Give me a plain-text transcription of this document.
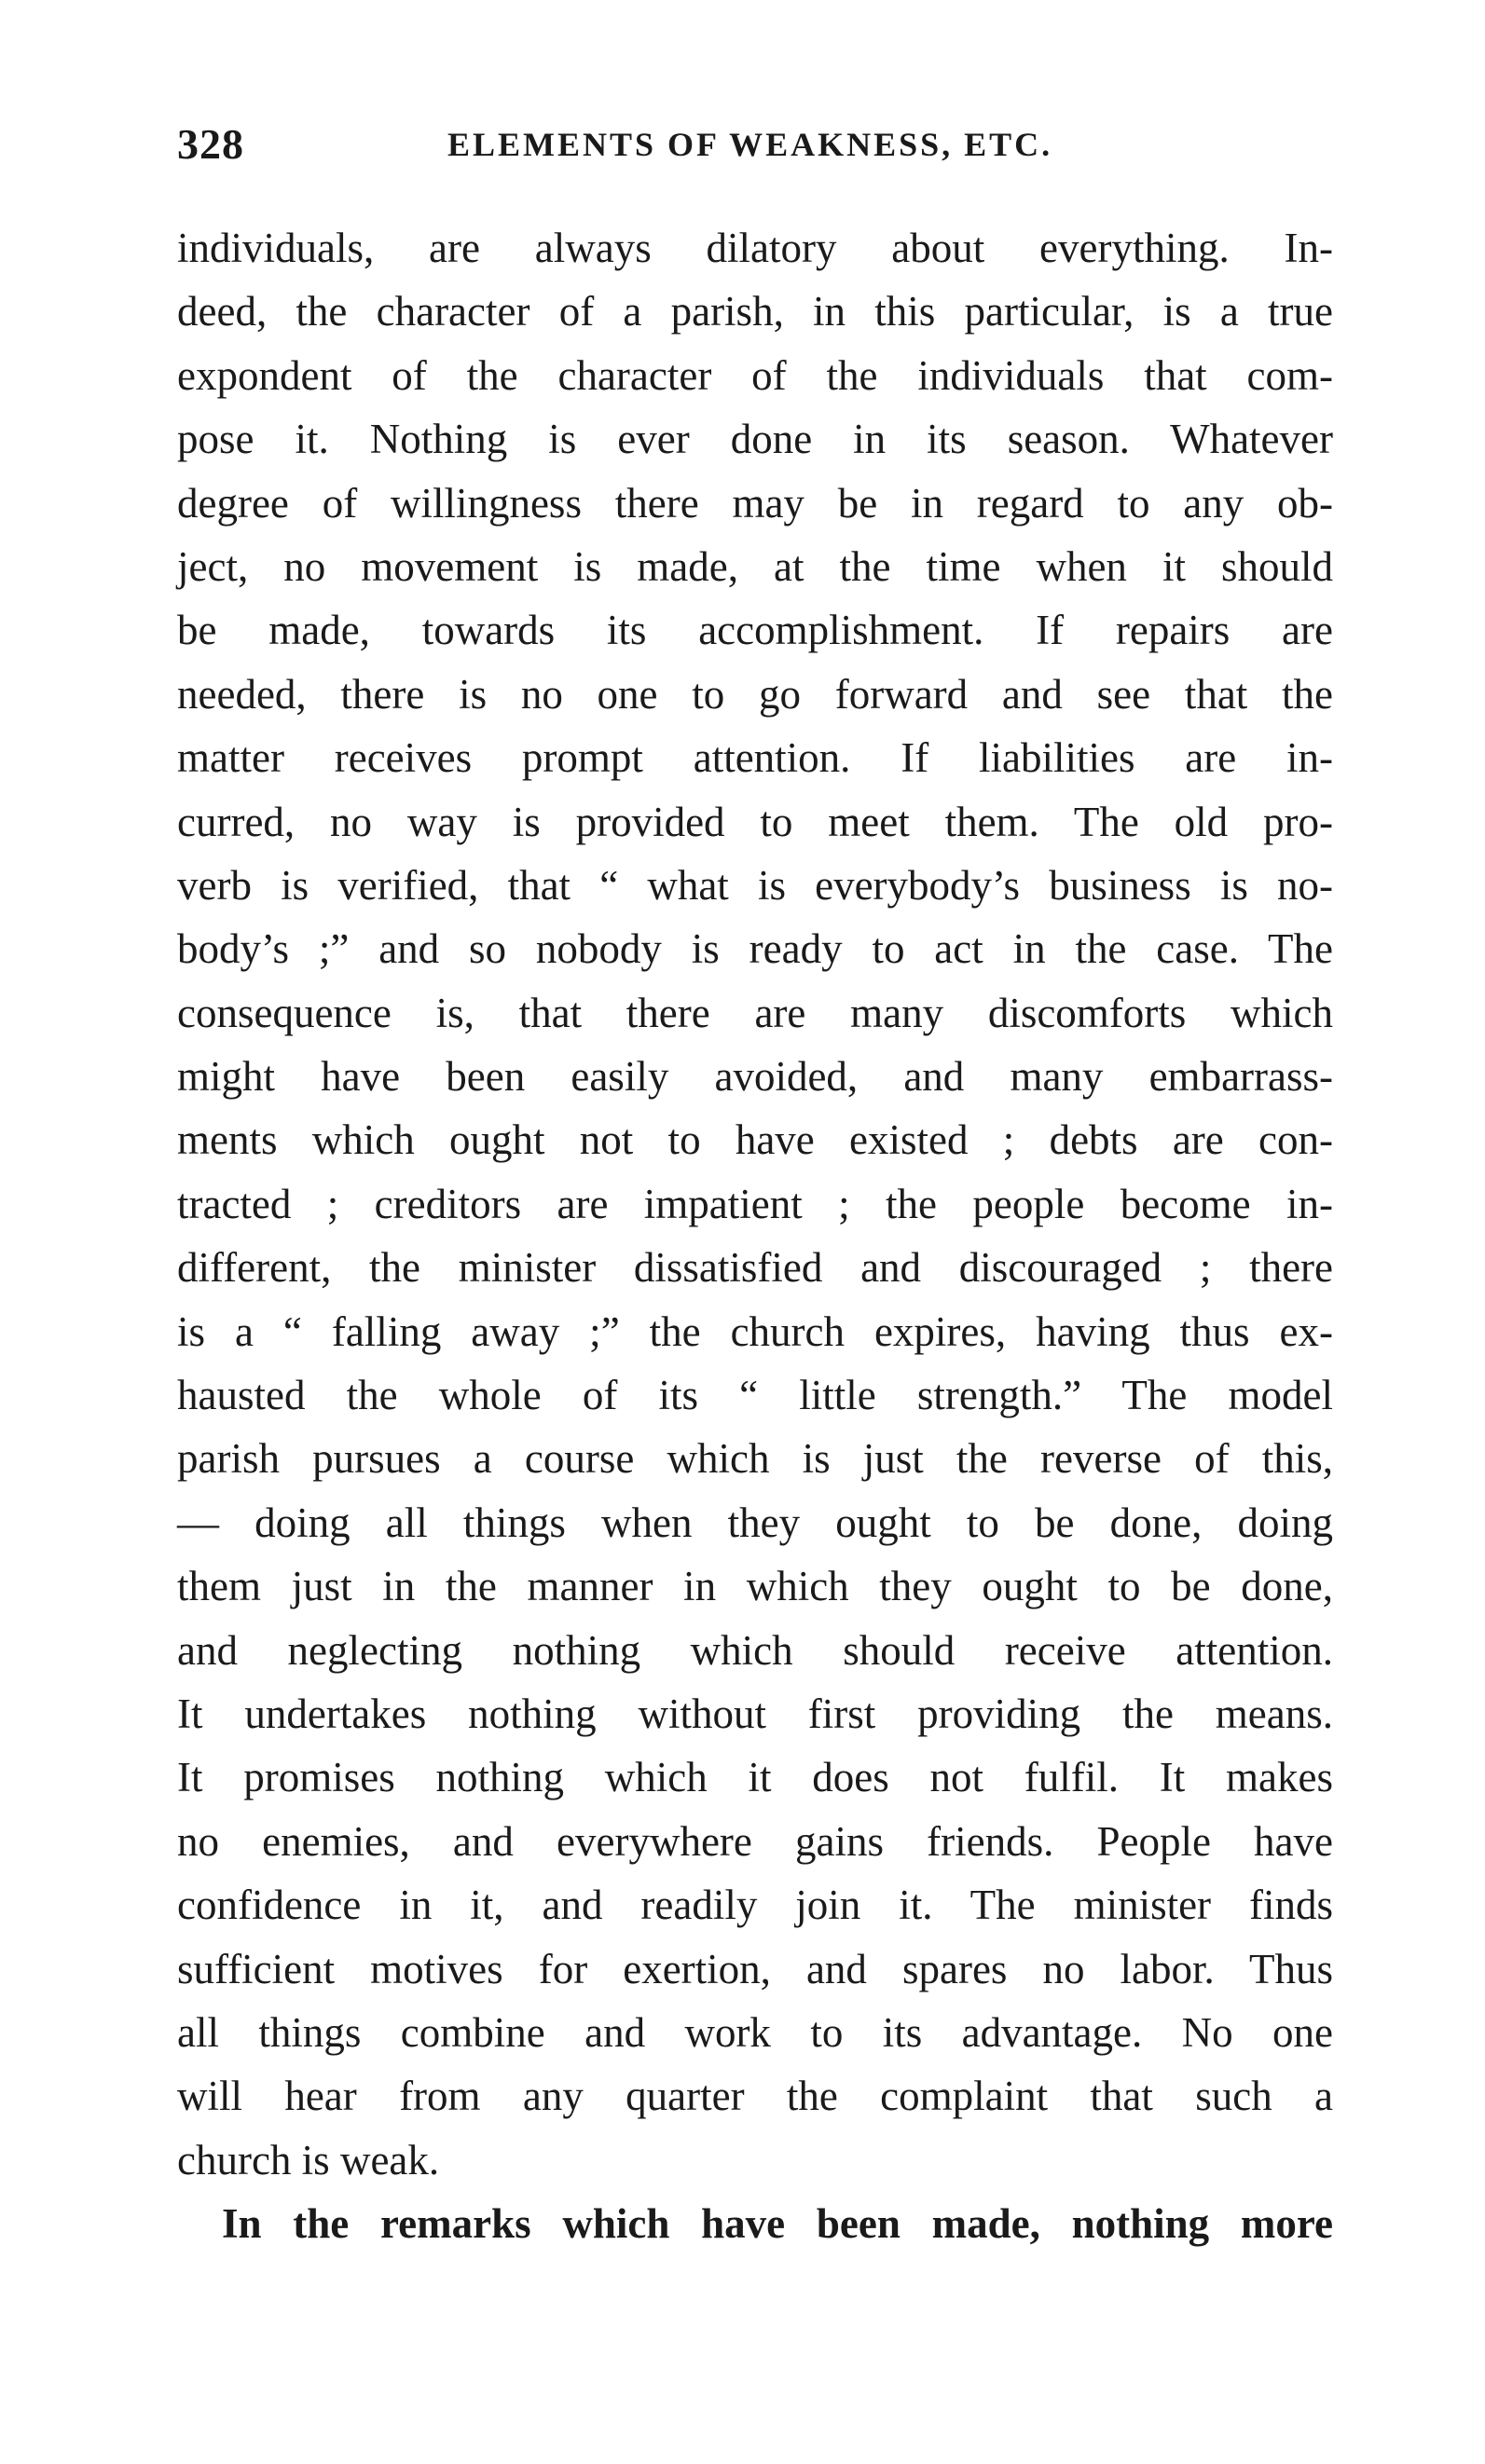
328	ELEMENTS OF WEAKNESS, ETC.
individuals, are always dilatory about everything. In-
deed, the character of a parish, in this particular, is a true
expondent of the character of the individuals that com-
pose it. Nothing is ever done in its season. Whatever
degree of willingness there may be in regard to any ob-
ject, no movement is made, at the time when it should
be made, towards its accomplishment. If repairs are
needed, there is no one to go forward and see that the
matter receives prompt attention. If liabilities are in-
curred, no way is provided to meet them. The old pro-
verb is verified, that “ what is everybody’s business is no-
body’s ;” and so nobody is ready to act in the case. The
consequence is, that there are many discomforts which
might have been easily avoided, and many embarrass-
ments which ought not to have existed ; debts are con-
tracted ; creditors are impatient ; the people become in-
different, the minister dissatisfied and discouraged ; there
is a “ falling away ;” the church expires, having thus ex-
hausted the whole of its “ little strength.” The model
parish pursues a course which is just the reverse of this,
— doing all things when they ought to be done, doing
them just in the manner in which they ought to be done,
and neglecting nothing which should receive attention.
It undertakes nothing without first providing the means.
It promises nothing which it does not fulfil. It makes
no enemies, and everywhere gains friends. People have
confidence in it, and readily join it. The minister finds
sufficient motives for exertion, and spares no labor. Thus
all things combine and work to its advantage. No one
will hear from any quarter the complaint that such a
church is weak.
In the remarks which have been made, nothing more
